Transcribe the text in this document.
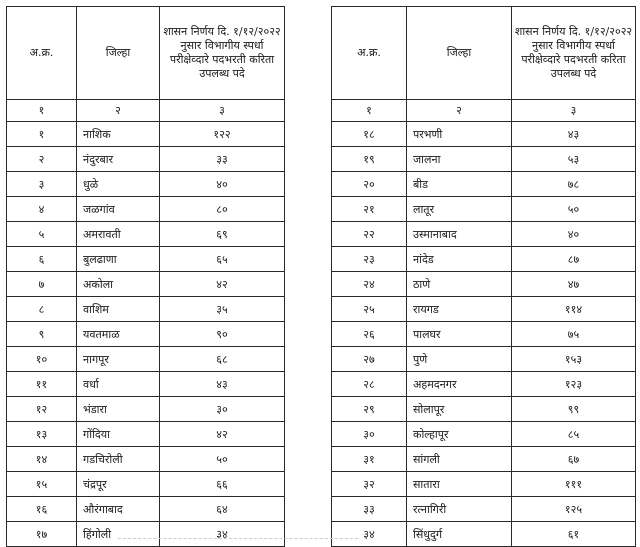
अ.क्र.	जिल्हा	शासन निर्णय दि. १/१२/२०२२ नुसार विभागीय स्पर्धा परीक्षेव्दारे पदभरती करिता उपलब्ध पदे
१	२	३
१	नाशिक	१२२
२	नंदुरबार	३३
३	धुळे	४०
४	जळगांव	८०
५	अमरावती	६९
६	बुलढाणा	६५
७	अकोला	४२
८	वाशिम	३५
९	यवतमाळ	९०
१०	नागपूर	६८
११	वर्धा	४३
१२	भंडारा	३०
१३	गोंदिया	४२
१४	गडचिरोली	५०
१५	चंद्रपूर	६६
१६	औरंगाबाद	६४
१७	हिंगोली	३४
अ.क्र.	जिल्हा	शासन निर्णय दि. १/१२/२०२२ नुसार विभागीय स्पर्धा परीक्षेव्दारे पदभरती करिता उपलब्ध पदे
१	२	३
१८	परभणी	४३
१९	जालना	५३
२०	बीड	७८
२१	लातूर	५०
२२	उस्मानाबाद	४०
२३	नांदेड	८७
२४	ठाणे	४७
२५	रायगड	११४
२६	पालघर	७५
२७	पुणे	१५३
२८	अहमदनगर	१२३
२९	सोलापूर	९९
३०	कोल्हापूर	८५
३१	सांगली	६७
३२	सातारा	१११
३३	रत्नागिरी	१२५
३४	सिंधुदुर्ग	६१
